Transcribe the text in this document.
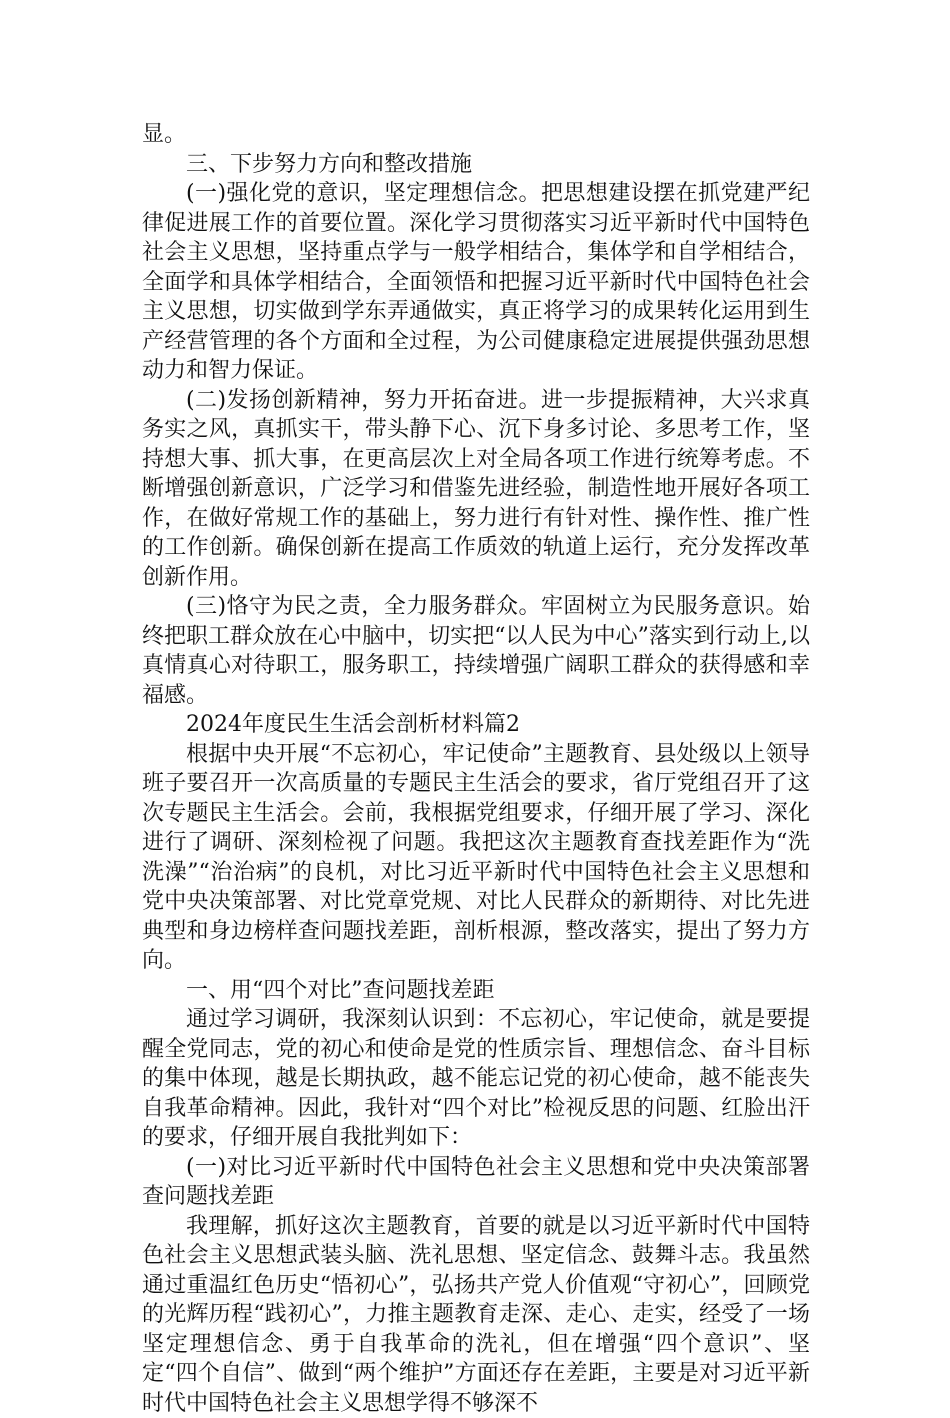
显。

三、下步努力方向和整改措施

(一)强化党的意识，坚定理想信念。把思想建设摆在抓党建严纪律促进展工作的首要位置。深化学习贯彻落实习近平新时代中国特色社会主义思想，坚持重点学与一般学相结合，集体学和自学相结合，全面学和具体学相结合，全面领悟和把握习近平新时代中国特色社会主义思想，切实做到学东弄通做实，真正将学习的成果转化运用到生产经营管理的各个方面和全过程，为公司健康稳定进展提供强劲思想动力和智力保证。

(二)发扬创新精神，努力开拓奋进。进一步提振精神，大兴求真务实之风，真抓实干，带头静下心、沉下身多讨论、多思考工作，坚持想大事、抓大事，在更高层次上对全局各项工作进行统筹考虑。不断增强创新意识，广泛学习和借鉴先进经验，制造性地开展好各项工作，在做好常规工作的基础上，努力进行有针对性、操作性、推广性的工作创新。确保创新在提高工作质效的轨道上运行，充分发挥改革创新作用。

(三)恪守为民之责，全力服务群众。牢固树立为民服务意识。始终把职工群众放在心中脑中，切实把“以人民为中心”落实到行动上,以真情真心对待职工，服务职工，持续增强广阔职工群众的获得感和幸福感。

2024年度民生生活会剖析材料篇2

根据中央开展“不忘初心，牢记使命”主题教育、县处级以上领导班子要召开一次高质量的专题民主生活会的要求，省厅党组召开了这次专题民主生活会。会前，我根据党组要求，仔细开展了学习、深化进行了调研、深刻检视了问题。我把这次主题教育查找差距作为“洗洗澡”“治治病”的良机，对比习近平新时代中国特色社会主义思想和党中央决策部署、对比党章党规、对比人民群众的新期待、对比先进典型和身边榜样查问题找差距，剖析根源，整改落实，提出了努力方向。

一、用“四个对比”查问题找差距

通过学习调研，我深刻认识到：不忘初心，牢记使命，就是要提醒全党同志，党的初心和使命是党的性质宗旨、理想信念、奋斗目标的集中体现，越是长期执政，越不能忘记党的初心使命，越不能丧失自我革命精神。因此，我针对“四个对比”检视反思的问题、红脸出汗的要求，仔细开展自我批判如下：

(一)对比习近平新时代中国特色社会主义思想和党中央决策部署查问题找差距

我理解，抓好这次主题教育，首要的就是以习近平新时代中国特色社会主义思想武装头脑、洗礼思想、坚定信念、鼓舞斗志。我虽然通过重温红色历史“悟初心”，弘扬共产党人价值观“守初心”，回顾党的光辉历程“践初心”，力推主题教育走深、走心、走实，经受了一场坚定理想信念、勇于自我革命的洗礼，但在增强“四个意识”、坚定“四个自信”、做到“两个维护”方面还存在差距，主要是对习近平新时代中国特色社会主义思想学得不够深不
